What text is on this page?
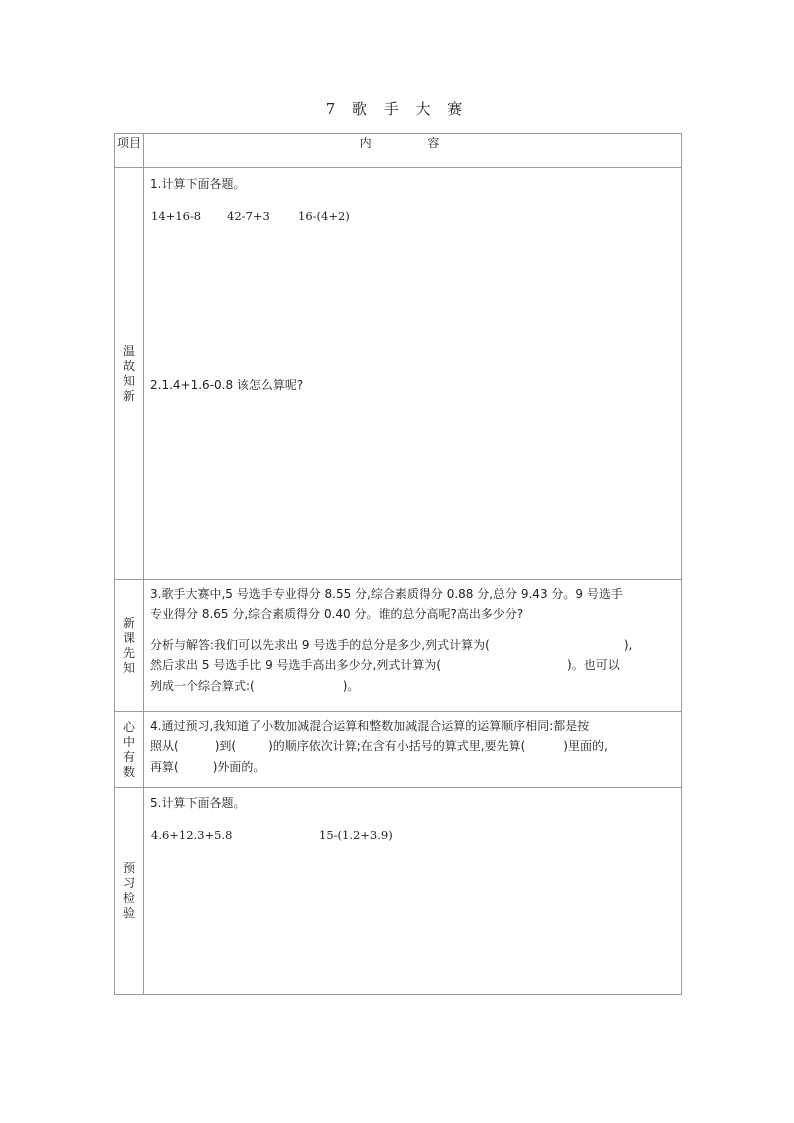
7 歌 手 大 赛
项目	内 容
温故知新	1.计算下面各题。
14+16-8 42-7+3 16-(4+2)
2.1.4+1.6-0.8 该怎么算呢?

新课先知	3.歌手大赛中,5 号选手专业得分 8.55 分,综合素质得分 0.88 分,总分 9.43 分。9 号选手
专业得分 8.65 分,综合素质得分 0.40 分。谁的总分高呢?高出多少分?
分析与解答:我们可以先求出 9 号选手的总分是多少,列式计算为( ),
然后求出 5 号选手比 9 号选手高出多少分,列式计算为( )。也可以
列成一个综合算式:( )。

心中有数	4.通过预习,我知道了小数加减混合运算和整数加减混合运算的运算顺序相同:都是按
照从( )到( )的顺序依次计算;在含有小括号的算式里,要先算( )里面的,
再算( )外面的。

预习检验	5.计算下面各题。
4.6+12.3+5.8 15-(1.2+3.9)
